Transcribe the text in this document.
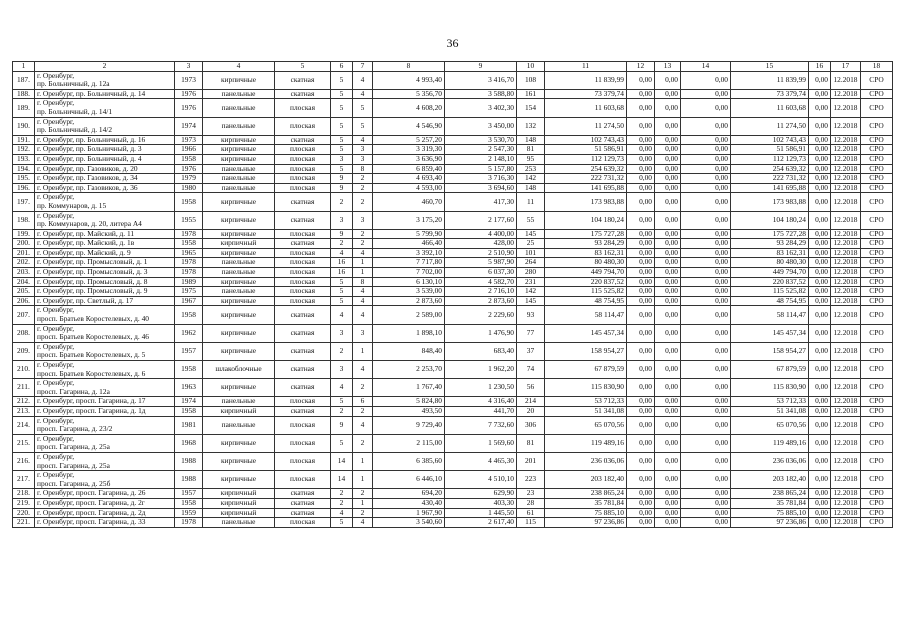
36
1	2	3	4	5	6	7	8	9	10	11	12	13	14	15	16	17	18
187.	г. Оренбург,
пр. Больничный, д. 12а	1973	кирпичные	скатная	5	4	4 993,40	3 416,70	108	11 839,99	0,00	0,00	0,00	11 839,99	0,00	12.2018	СРО
188.	г. Оренбург, пр. Больничный, д. 14	1976	панельные	скатная	5	4	5 356,70	3 588,80	161	73 379,74	0,00	0,00	0,00	73 379,74	0,00	12.2018	СРО
189.	г. Оренбург,
пр. Больничный, д. 14/1	1976	панельные	плоская	5	5	4 608,20	3 402,30	154	11 603,68	0,00	0,00	0,00	11 603,68	0,00	12.2018	СРО
190.	г. Оренбург,
пр. Больничный, д. 14/2	1974	панельные	плоская	5	5	4 546,90	3 450,00	132	11 274,50	0,00	0,00	0,00	11 274,50	0,00	12.2018	СРО
191.	г. Оренбург, пр. Больничный, д. 16	1973	кирпичные	скатная	5	4	5 257,20	3 530,70	148	102 743,43	0,00	0,00	0,00	102 743,43	0,00	12.2018	СРО
192.	г. Оренбург, пр. Больничный, д. 3	1966	кирпичные	плоская	5	3	3 319,30	2 547,30	81	51 586,91	0,00	0,00	0,00	51 586,91	0,00	12.2018	СРО
193.	г. Оренбург, пр. Больничный, д. 4	1958	кирпичные	плоская	3	3	3 636,90	2 148,10	95	112 129,73	0,00	0,00	0,00	112 129,73	0,00	12.2018	СРО
194.	г. Оренбург, пр. Газовиков, д. 20	1976	панельные	плоская	5	8	6 859,40	5 157,80	253	254 639,32	0,00	0,00	0,00	254 639,32	0,00	12.2018	СРО
195.	г. Оренбург, пр. Газовиков, д. 34	1979	панельные	плоская	9	2	4 693,40	3 716,30	142	222 731,32	0,00	0,00	0,00	222 731,32	0,00	12.2018	СРО
196.	г. Оренбург, пр. Газовиков, д. 36	1980	панельные	плоская	9	2	4 593,00	3 694,60	148	141 695,88	0,00	0,00	0,00	141 695,88	0,00	12.2018	СРО
197.	г. Оренбург,
пр. Коммунаров, д. 15	1958	кирпичные	скатная	2	2	460,70	417,30	11	173 983,88	0,00	0,00	0,00	173 983,88	0,00	12.2018	СРО
198.	г. Оренбург,
пр. Коммунаров, д. 20, литера А4	1955	кирпичные	скатная	3	3	3 175,20	2 177,60	55	104 180,24	0,00	0,00	0,00	104 180,24	0,00	12.2018	СРО
199.	г. Оренбург, пр. Майский, д. 11	1978	кирпичные	плоская	9	2	5 799,90	4 400,00	145	175 727,28	0,00	0,00	0,00	175 727,28	0,00	12.2018	СРО
200.	г. Оренбург, пр. Майский, д. 1в	1958	кирпичный	скатная	2	2	466,40	428,00	25	93 284,29	0,00	0,00	0,00	93 284,29	0,00	12.2018	СРО
201.	г. Оренбург, пр. Майский, д. 9	1965	кирпичные	плоская	4	4	3 392,10	2 510,90	101	83 162,31	0,00	0,00	0,00	83 162,31	0,00	12.2018	СРО
202.	г. Оренбург, пр. Промысловый, д. 1	1978	панельные	плоская	16	1	7 717,80	5 987,90	264	80 480,30	0,00	0,00	0,00	80 480,30	0,00	12.2018	СРО
203.	г. Оренбург, пр. Промысловый, д. 3	1978	панельные	плоская	16	1	7 702,00	6 037,30	280	449 794,70	0,00	0,00	0,00	449 794,70	0,00	12.2018	СРО
204.	г. Оренбург, пр. Промысловый, д. 8	1989	кирпичные	плоская	5	8	6 130,10	4 582,70	231	220 837,52	0,00	0,00	0,00	220 837,52	0,00	12.2018	СРО
205.	г. Оренбург, пр. Промысловый, д. 9	1975	панельные	плоская	5	4	3 539,00	2 716,10	142	115 525,82	0,00	0,00	0,00	115 525,82	0,00	12.2018	СРО
206.	г. Оренбург, пр. Светлый, д. 17	1967	кирпичные	плоская	5	4	2 873,60	2 873,60	145	48 754,95	0,00	0,00	0,00	48 754,95	0,00	12.2018	СРО
207.	г. Оренбург,
просп. Братьев Коростелевых, д. 40	1958	кирпичные	скатная	4	4	2 589,00	2 229,60	93	58 114,47	0,00	0,00	0,00	58 114,47	0,00	12.2018	СРО
208.	г. Оренбург,
просп. Братьев Коростелевых, д. 46	1962	кирпичные	скатная	3	3	1 898,10	1 476,90	77	145 457,34	0,00	0,00	0,00	145 457,34	0,00	12.2018	СРО
209.	г. Оренбург,
просп. Братьев Коростелевых, д. 5	1957	кирпичные	скатная	2	1	848,40	683,40	37	158 954,27	0,00	0,00	0,00	158 954,27	0,00	12.2018	СРО
210.	г. Оренбург,
просп. Братьев Коростелевых, д. 6	1958	шлакоблочные	скатная	3	4	2 253,70	1 962,20	74	67 879,59	0,00	0,00	0,00	67 879,59	0,00	12.2018	СРО
211.	г. Оренбург,
просп. Гагарина, д. 12а	1963	кирпичные	скатная	4	2	1 767,40	1 230,50	56	115 830,90	0,00	0,00	0,00	115 830,90	0,00	12.2018	СРО
212.	г. Оренбург, просп. Гагарина, д. 17	1974	панельные	плоская	5	6	5 824,80	4 316,40	214	53 712,33	0,00	0,00	0,00	53 712,33	0,00	12.2018	СРО
213.	г. Оренбург, просп. Гагарина, д. 1д	1958	кирпичный	скатная	2	2	493,50	441,70	20	51 341,08	0,00	0,00	0,00	51 341,08	0,00	12.2018	СРО
214.	г. Оренбург,
просп. Гагарина, д. 23/2	1981	панельные	плоская	9	4	9 729,40	7 732,60	306	65 070,56	0,00	0,00	0,00	65 070,56	0,00	12.2018	СРО
215.	г. Оренбург,
просп. Гагарина, д. 25а	1968	кирпичные	плоская	5	2	2 115,00	1 569,60	81	119 489,16	0,00	0,00	0,00	119 489,16	0,00	12.2018	СРО
216.	г. Оренбург,
просп. Гагарина, д. 25а	1988	кирпичные	плоская	14	1	6 385,60	4 465,30	201	236 036,06	0,00	0,00	0,00	236 036,06	0,00	12.2018	СРО
217.	г. Оренбург,
просп. Гагарина, д. 25б	1988	кирпичные	плоская	14	1	6 446,10	4 510,10	223	203 182,40	0,00	0,00	0,00	203 182,40	0,00	12.2018	СРО
218.	г. Оренбург, просп. Гагарина, д. 26	1957	кирпичный	скатная	2	2	694,20	629,90	23	238 865,24	0,00	0,00	0,00	238 865,24	0,00	12.2018	СРО
219.	г. Оренбург, просп. Гагарина, д. 2г	1958	кирпичный	скатная	2	1	430,40	403,30	28	35 781,84	0,00	0,00	0,00	35 781,84	0,00	12.2018	СРО
220.	г. Оренбург, просп. Гагарина, д. 2д	1959	кирпичный	скатная	4	2	1 967,90	1 445,50	61	75 885,10	0,00	0,00	0,00	75 885,10	0,00	12.2018	СРО
221.	г. Оренбург, просп. Гагарина, д. 33	1978	панельные	плоская	5	4	3 540,60	2 617,40	115	97 236,86	0,00	0,00	0,00	97 236,86	0,00	12.2018	СРО
